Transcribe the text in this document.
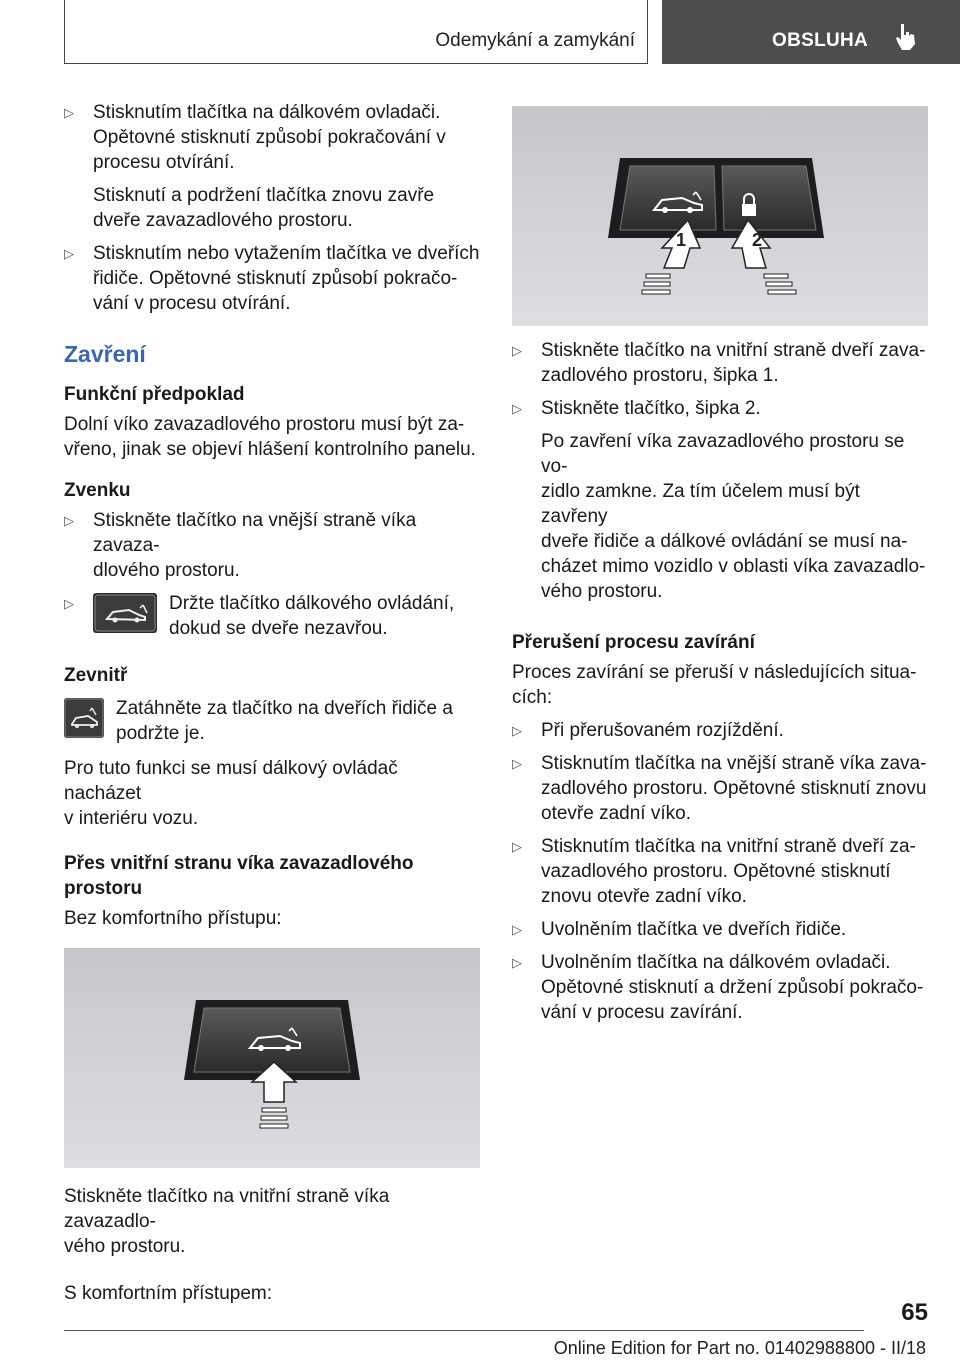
Odemykání a zamykání	OBSLUHA

▷ Stisknutím tlačítka na dálkovém ovladači.

Opětovné stisknutí způsobí pokračování v

procesu otvírání.

Stisknutí a podržení tlačítka znovu zavře

dveře zavazadlového prostoru.

▷ Stisknutím nebo vytažením tlačítka ve dveřích

řidiče. Opětovné stisknutí způsobí pokračo-

vání v procesu otvírání.

Zavření

Funkční předpoklad

Dolní víko zavazadlového prostoru musí být za-

vřeno, jinak se objeví hlášení kontrolního panelu.

Zvenku

▷ Stiskněte tlačítko na vnější straně víka zavaza-

dlového prostoru.

▷ Držte tlačítko dálkového ovládání,

dokud se dveře nezavřou.

Zevnitř

Zatáhněte za tlačítko na dveřích řidiče a

podržte je.

Pro tuto funkci se musí dálkový ovládač nacházet

v interiéru vozu.

Přes vnitřní stranu víka zavazadlového

prostoru

Bez komfortního přístupu:

Stiskněte tlačítko na vnitřní straně víka zavazadlo-

vého prostoru.

S komfortním přístupem:

1	2

▷ Stiskněte tlačítko na vnitřní straně dveří zava-

zadlového prostoru, šipka 1.

▷ Stiskněte tlačítko, šipka 2.

Po zavření víka zavazadlového prostoru se vo-

zidlo zamkne. Za tím účelem musí být zavřeny

dveře řidiče a dálkové ovládání se musí na-

cházet mimo vozidlo v oblasti víka zavazadlo-

vého prostoru.

Přerušení procesu zavírání

Proces zavírání se přeruší v následujících situa-

cích:

▷ Při přerušovaném rozjíždění.

▷ Stisknutím tlačítka na vnější straně víka zava-

zadlového prostoru. Opětovné stisknutí znovu

otevře zadní víko.

▷ Stisknutím tlačítka na vnitřní straně dveří za-

vazadlového prostoru. Opětovné stisknutí

znovu otevře zadní víko.

▷ Uvolněním tlačítka ve dveřích řidiče.

▷ Uvolněním tlačítka na dálkovém ovladači.

Opětovné stisknutí a držení způsobí pokračo-

vání v procesu zavírání.

65
Online Edition for Part no. 01402988800 - II/18
